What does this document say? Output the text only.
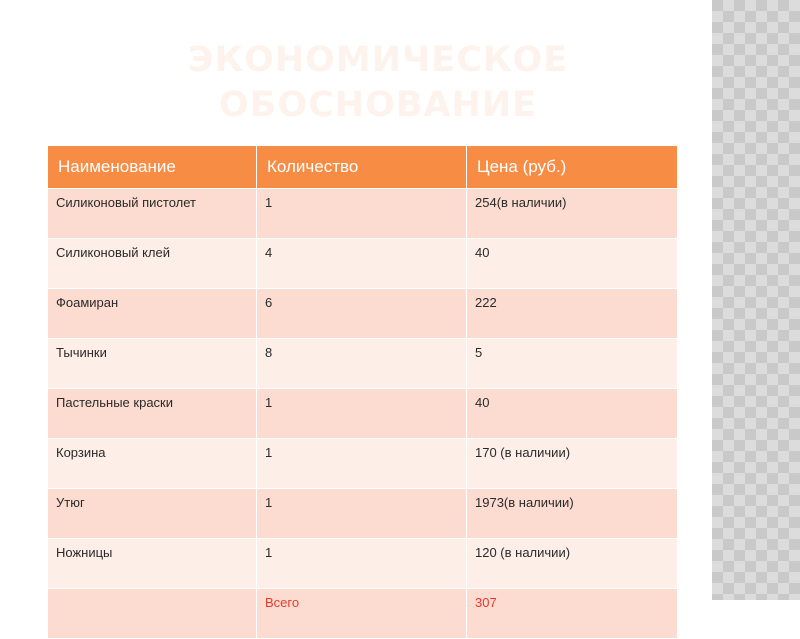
ЭКОНОМИЧЕСКОЕ
ОБОСНОВАНИЕ
Наименование	Количество	Цена (руб.)
Силиконовый пистолет	1	254(в наличии)
Силиконовый клей	4	40
Фоамиран	6	222
Тычинки	8	5
Пастельные краски	1	40
Корзина	1	170 (в наличии)
Утюг	1	1973(в наличии)
Ножницы	1	120 (в наличии)
	Всего	307
